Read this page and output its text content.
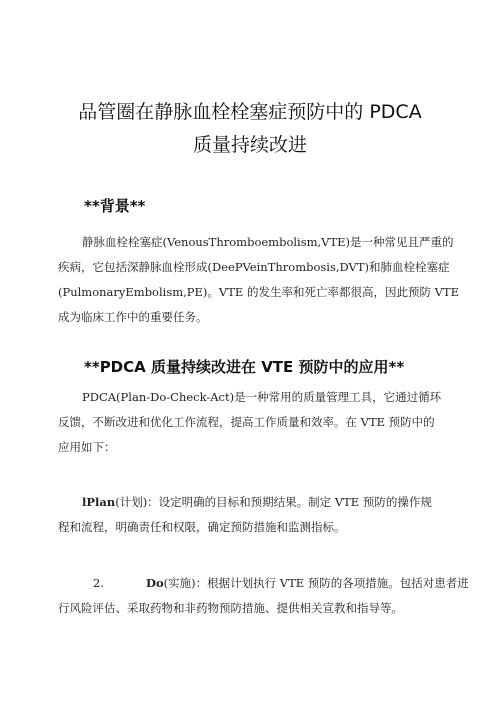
品管圈在静脉血栓栓塞症预防中的 PDCA
质量持续改进
**背景**
静脉血栓栓塞症(VenousThromboembolism,VTE)是一种常见且严重的
疾病，它包括深静脉血栓形成(DeePVeinThrombosis,DVT)和肺血栓栓塞症
(PulmonaryEmbolism,PE)。VTE 的发生率和死亡率都很高，因此预防 VTE
成为临床工作中的重要任务。
**PDCA 质量持续改进在 VTE 预防中的应用**
PDCA(Plan-Do-Check-Act)是一种常用的质量管理工具，它通过循环
反馈，不断改进和优化工作流程，提高工作质量和效率。在 VTE 预防中的
应用如下：
lPlan(计划)：设定明确的目标和预期结果。制定 VTE 预防的操作规
程和流程，明确责任和权限，确定预防措施和监测指标。
2.	Do(实施)：根据计划执行 VTE 预防的各项措施。包括对患者进
行风险评估、采取药物和非药物预防措施、提供相关宣教和指导等。
